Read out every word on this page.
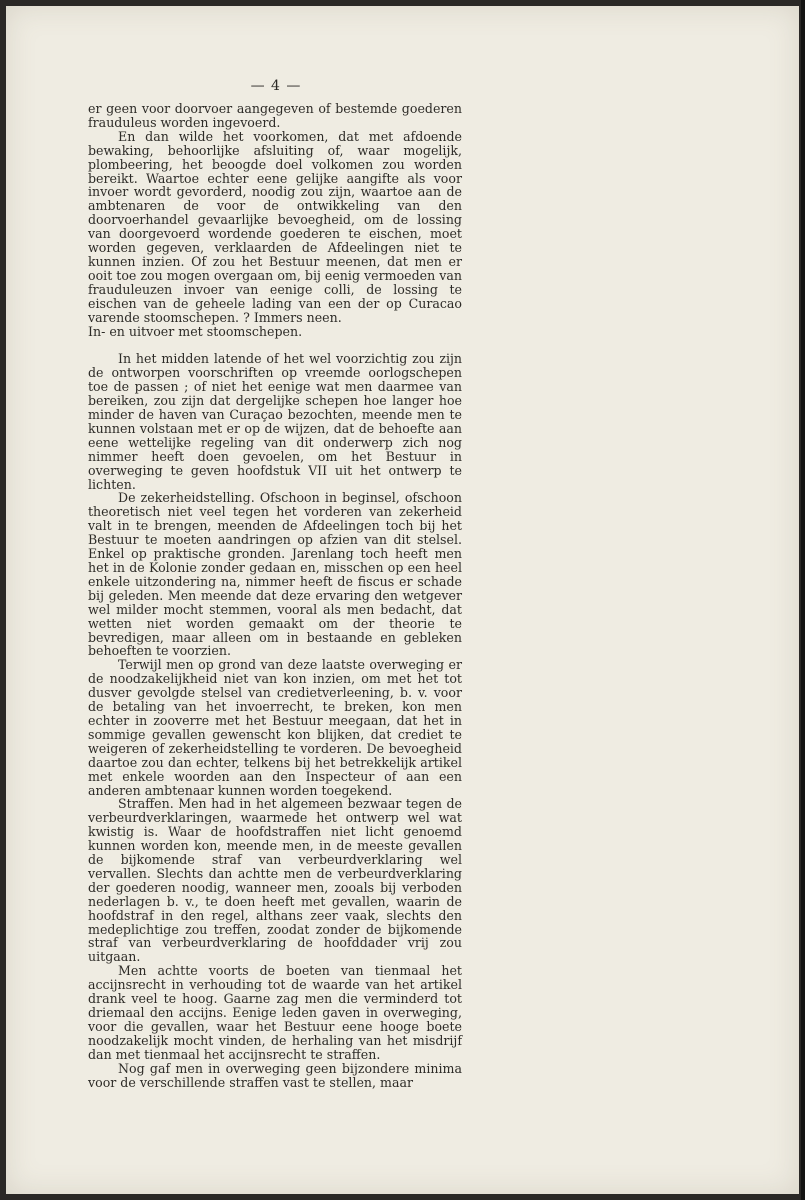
— 4 —

er geen voor doorvoer aangegeven of bestemde goederen frauduleus worden ingevoerd.

En dan wilde het voorkomen, dat met afdoende bewaking, behoorlijke afsluiting of, waar mogelijk, plombeering, het beoogde doel volkomen zou worden bereikt. Waartoe echter eene gelijke aangifte als voor invoer wordt gevorderd, noodig zou zijn, waartoe aan de ambtenaren de voor de ontwikkeling van den doorvoerhandel gevaarlijke bevoegheid, om de lossing van doorgevoerd wordende goederen te eischen, moet worden gegeven, verklaarden de Afdeelingen niet te kunnen inzien. Of zou het Bestuur meenen, dat men er ooit toe zou mogen overgaan om, bij eenig vermoeden van frauduleuzen invoer van eenige colli, de lossing te eischen van de geheele lading van een der op Curacao varende stoomschepen. ? Immers neen.

In- en uitvoer met stoomschepen.

In het midden latende of het wel voorzichtig zou zijn de ontworpen voorschriften op vreemde oorlogschepen toe de passen ; of niet het eenige wat men daarmee van bereiken, zou zijn dat dergelijke schepen hoe langer hoe minder de haven van Curaçao bezochten, meende men te kunnen volstaan met er op de wijzen, dat de behoefte aan eene wettelijke regeling van dit onderwerp zich nog nimmer heeft doen gevoelen, om het Bestuur in overweging te geven hoofdstuk VII uit het ontwerp te lichten.

De zekerheidstelling. Ofschoon in beginsel, ofschoon theoretisch niet veel tegen het vorderen van zekerheid valt in te brengen, meenden de Afdeelingen toch bij het Bestuur te moeten aandringen op afzien van dit stelsel. Enkel op praktische gronden. Jarenlang toch heeft men het in de Kolonie zonder gedaan en, misschen op een heel enkele uitzondering na, nimmer heeft de fiscus er schade bij geleden. Men meende dat deze ervaring den wetgever wel milder mocht stemmen, vooral als men bedacht, dat wetten niet worden gemaakt om der theorie te bevredigen, maar alleen om in bestaande en gebleken behoeften te voorzien.

Terwijl men op grond van deze laatste overweging er de noodzakelijkheid niet van kon inzien, om met het tot dusver gevolgde stelsel van credietverleening, b. v. voor de betaling van het invoerrecht, te breken, kon men echter in zooverre met het Bestuur meegaan, dat het in sommige gevallen gewenscht kon blijken, dat crediet te weigeren of zekerheidstelling te vorderen. De bevoegheid daartoe zou dan echter, telkens bij het betrekkelijk artikel met enkele woorden aan den Inspecteur of aan een anderen ambtenaar kunnen worden toegekend.

Straffen. Men had in het algemeen bezwaar tegen de verbeurdverklaringen, waarmede het ontwerp wel wat kwistig is. Waar de hoofdstraffen niet licht genoemd kunnen worden kon, meende men, in de meeste gevallen de bijkomende straf van verbeurdverklaring wel vervallen. Slechts dan achtte men de verbeurdverklaring der goederen noodig, wanneer men, zooals bij verboden nederlagen b. v., te doen heeft met gevallen, waarin de hoofdstraf in den regel, althans zeer vaak, slechts den medeplichtige zou treffen, zoodat zonder de bijkomende straf van verbeurdverklaring de hoofddader vrij zou uitgaan.

Men achtte voorts de boeten van tienmaal het accijnsrecht in verhouding tot de waarde van het artikel drank veel te hoog. Gaarne zag men die verminderd tot driemaal den accijns. Eenige leden gaven in overweging, voor die gevallen, waar het Bestuur eene hooge boete noodzakelijk mocht vinden, de herhaling van het misdrijf dan met tienmaal het accijnsrecht te straffen.

Nog gaf men in overweging geen bijzondere minima voor de verschillende straffen vast te stellen, maar
